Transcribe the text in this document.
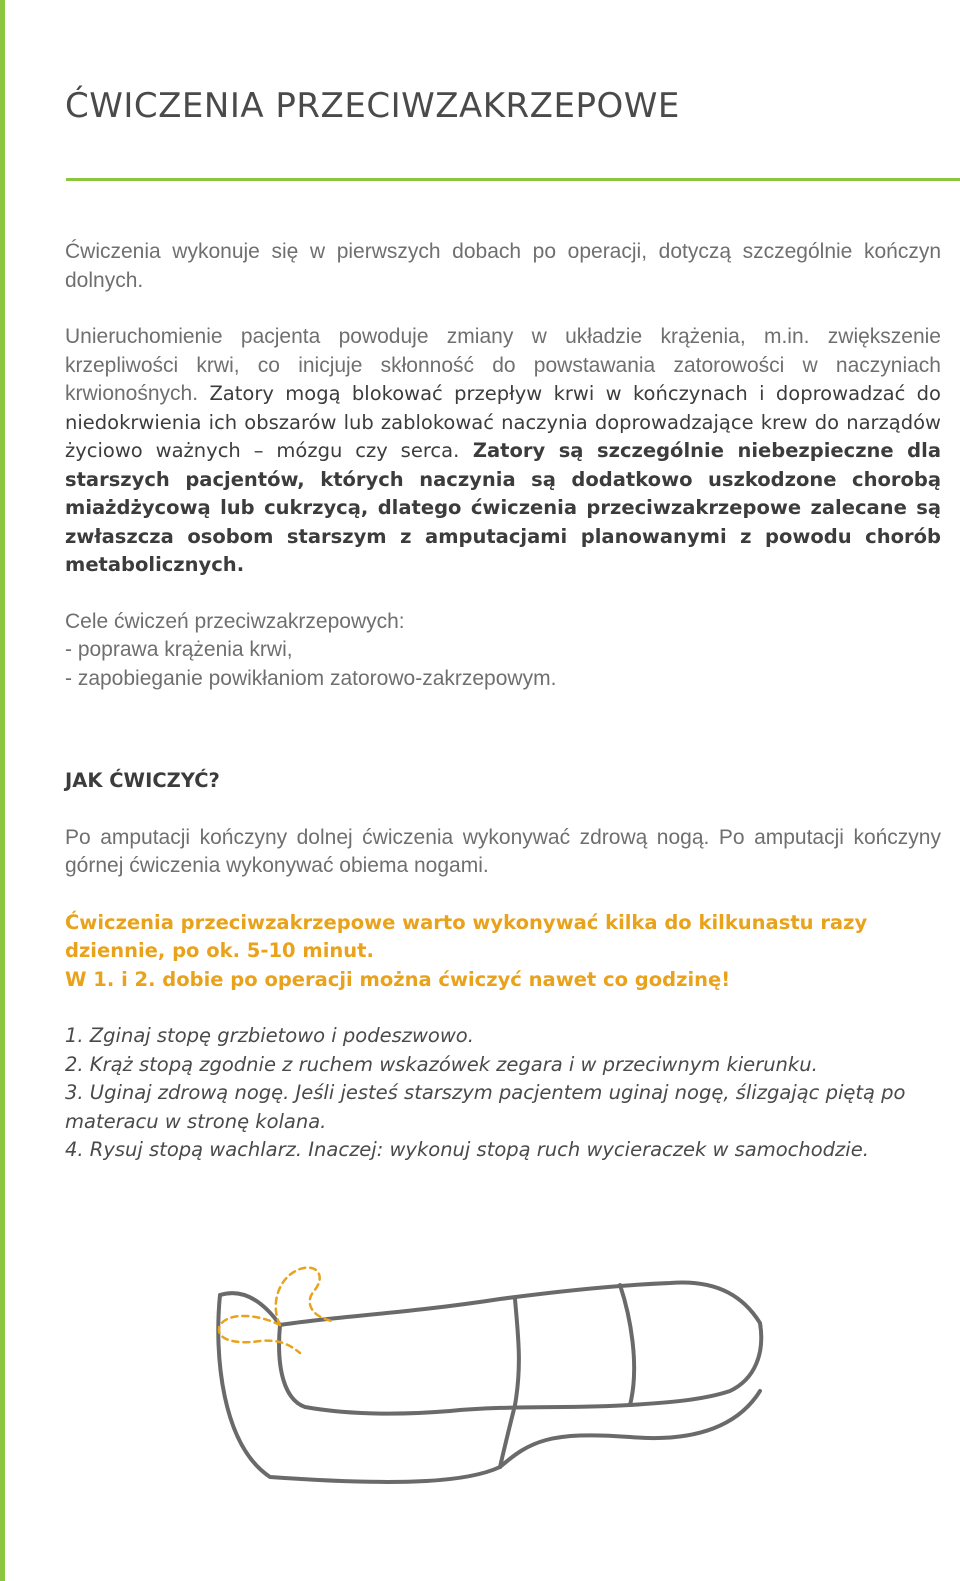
ĆWICZENIA PRZECIWZAKRZEPOWE

Ćwiczenia wykonuje się w pierwszych dobach po operacji, dotyczą szczególnie kończyn dolnych.

Unieruchomienie pacjenta powoduje zmiany w układzie krążenia, m.in. zwiększenie krzepliwości krwi, co inicjuje skłonność do powstawania zatorowości w naczyniach krwionośnych. Zatory mogą blokować przepływ krwi w kończynach i doprowadzać do niedokrwienia ich obszarów lub zablokować naczynia doprowadzające krew do narządów życiowo ważnych – mózgu czy serca. Zatory są szczególnie niebezpieczne dla starszych pacjentów, których naczynia są dodatkowo uszkodzone chorobą miażdżycową lub cukrzycą, dlatego ćwiczenia przeciwzakrzepowe zalecane są zwłaszcza osobom starszym z amputacjami planowanymi z powodu chorób metabolicznych.

Cele ćwiczeń przeciwzakrzepowych:

- poprawa krążenia krwi,

- zapobieganie powikłaniom zatorowo-zakrzepowym.

JAK ĆWICZYĆ?

Po amputacji kończyny dolnej ćwiczenia wykonywać zdrową nogą. Po amputacji kończyny górnej ćwiczenia wykonywać obiema nogami.

Ćwiczenia przeciwzakrzepowe warto wykonywać kilka do kilkunastu razy dziennie, po ok. 5-10 minut.

W 1. i 2. dobie po operacji można ćwiczyć nawet co godzinę!

1. Zginaj stopę grzbietowo i podeszwowo.

2. Krąż stopą zgodnie z ruchem wskazówek zegara i w przeciwnym kierunku.

3. Uginaj zdrową nogę. Jeśli jesteś starszym pacjentem uginaj nogę, ślizgając piętą po materacu w stronę kolana.

4. Rysuj stopą wachlarz. Inaczej: wykonuj stopą ruch wycieraczek w samochodzie.
